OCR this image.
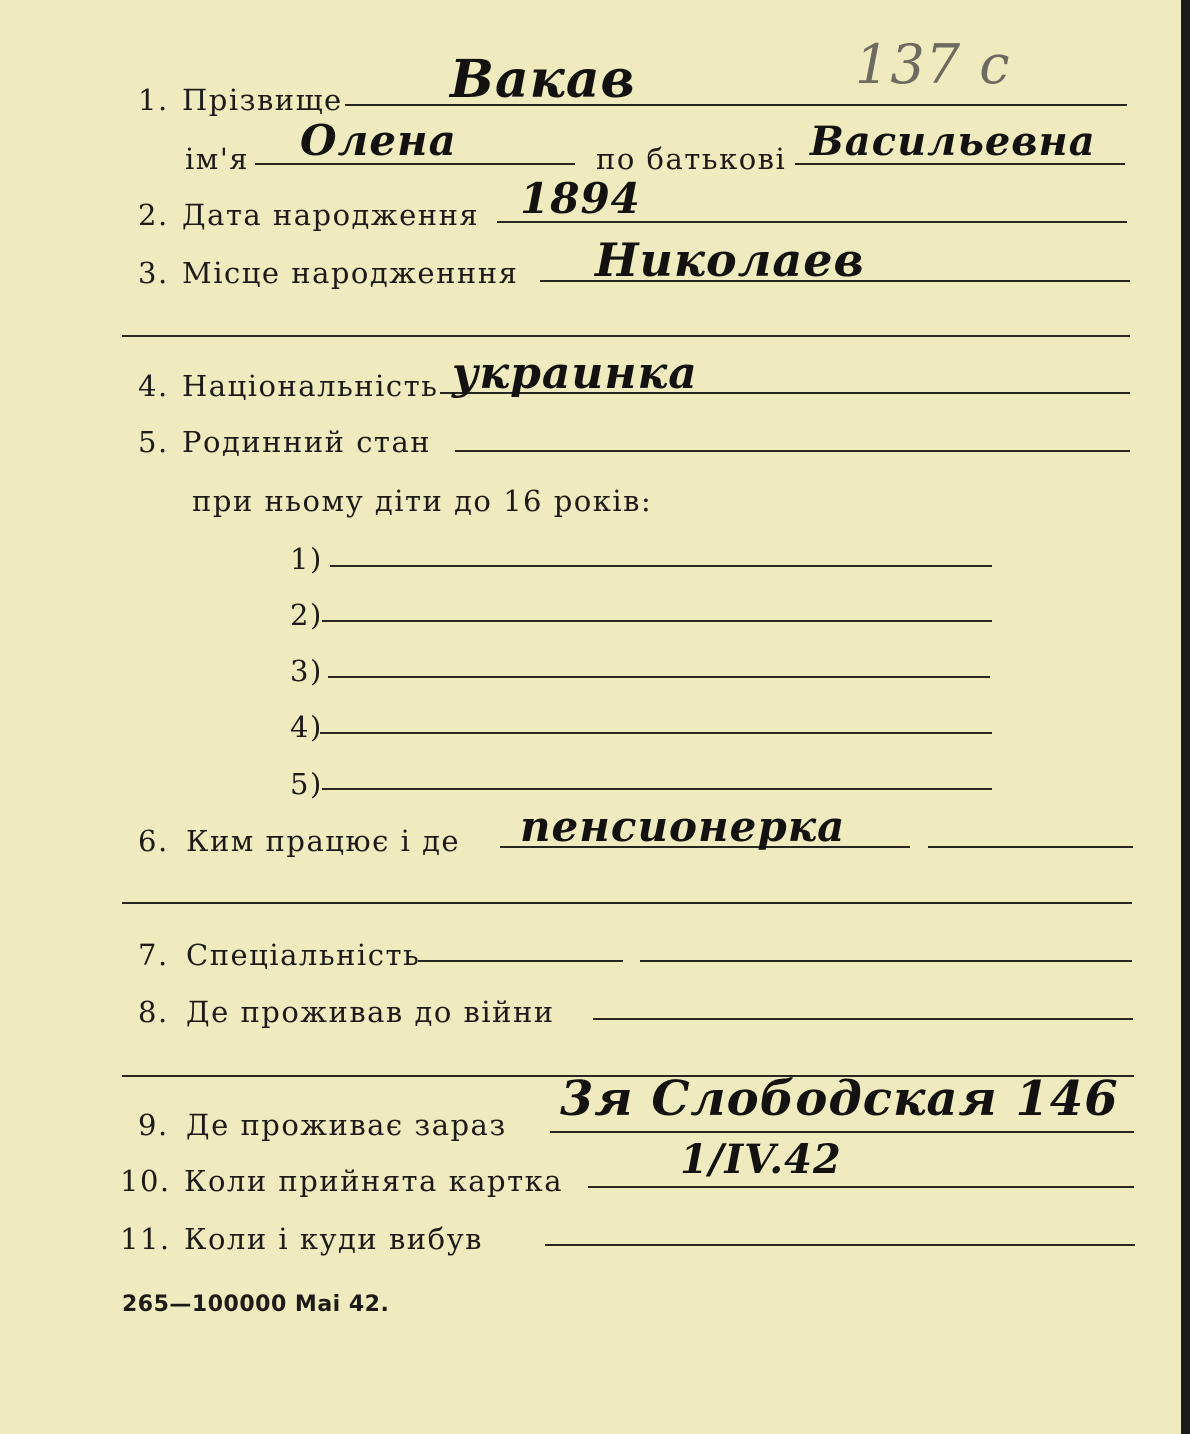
137 с
1. Прізвище Вакав
ім'я Олена	по батькові Васильевна
2. Дата народження 1894
3. Місце народженння Николаев
4. Національність украинка
5. Родинний стан
при ньому діти до 16 років:
1)
2)
3)
4)
5)
6. Ким працює і де пенсионерка
7. Спеціальність
8. Де проживав до війни
9. Де проживає зараз 3я Слободская 146
10. Коли прийнята картка	1/IV.42
11. Коли і куди вибув
265—100000 Маі 42.
